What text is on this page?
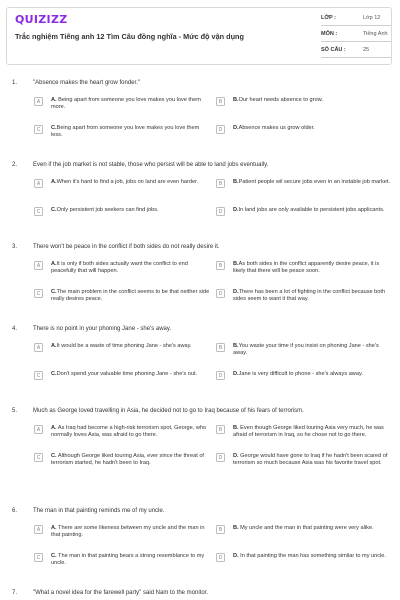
QUIZIZZ
Trắc nghiệm Tiếng anh 12 Tìm Câu đồng nghĩa - Mức độ vận dụng
LỚP :	Lớp 12
MÔN :	Tiếng Anh
SỐ CÂU :	25
1.	"Absence makes the heart grow fonder."
A	A. Being apart from someone you love makes you love them more.
B	B.Our heart needs absence to grow.
C	C.Being apart from someone you love makes you love them less.
D	D.Absence makes us grow older.
2.	Even if the job market is not stable, those who persist will be able to land jobs eventually.
A	A.When it's hard to find a job, jobs on land are even harder.	B	B.Patient people wil secure jobs even in an instable job market.
C	C.Only persistent job seekers can find jobs.	D	D.In land jobs are only available to persistent jobs applicants.
3.	There won't be peace in the conflict if both sides do not really desire it.
A	A.It is only if both sides actually want the conflict to end peacefully that will happen.
B	B.As both sides in the conflict apparently desire peace, it is likely that there will be peace soon.
C	C.The main problem in the conflict seems to be that neither side really desires peace.
D	D.There has been a lot of fighting in the conflict because both sides seem to want it that way.
4.	There is no point in your phoning Jane - she's away.
A	A.It would be a waste of time phoning Jane - she's away.	B	B.You waste your time if you insist on phoning Jane - she's away.
C	C.Don't spend your valuable time phoning Jane - she's out.	D	D.Jane is very difficult to phone - she's always away.
5.	Much as George loved travelling in Asia, he decided not to go to Iraq because of his fears of terrorism.
A	A. As Iraq had become a high-risk terrorism spot, George, who normally loves Asia, was afraid to go there.
B	B. Even though George liked touring Asia very much, he was afraid of terrorism in Iraq, so he chose not to go there.
C	C. Although George liked touring Asia, ever since the threat of terrorism started, he hadn't been to Iraq.
D	D. George would have gone to Iraq if he hadn't been scared of terrorism so much because Asia was his favorite travel spot.
6.	The man in that painting reminds me of my uncle.
A	A. There are some likeness between my uncle and the man in that painting.
B	B. My uncle and the man in that painting were very alike.
C	C. The man in that painting bears a strong resemblance to my uncle.
D	D. In that painting the man has something similar to my uncle.
7.	"What a novel idea for the farewell party" said Nam to the monitor.
